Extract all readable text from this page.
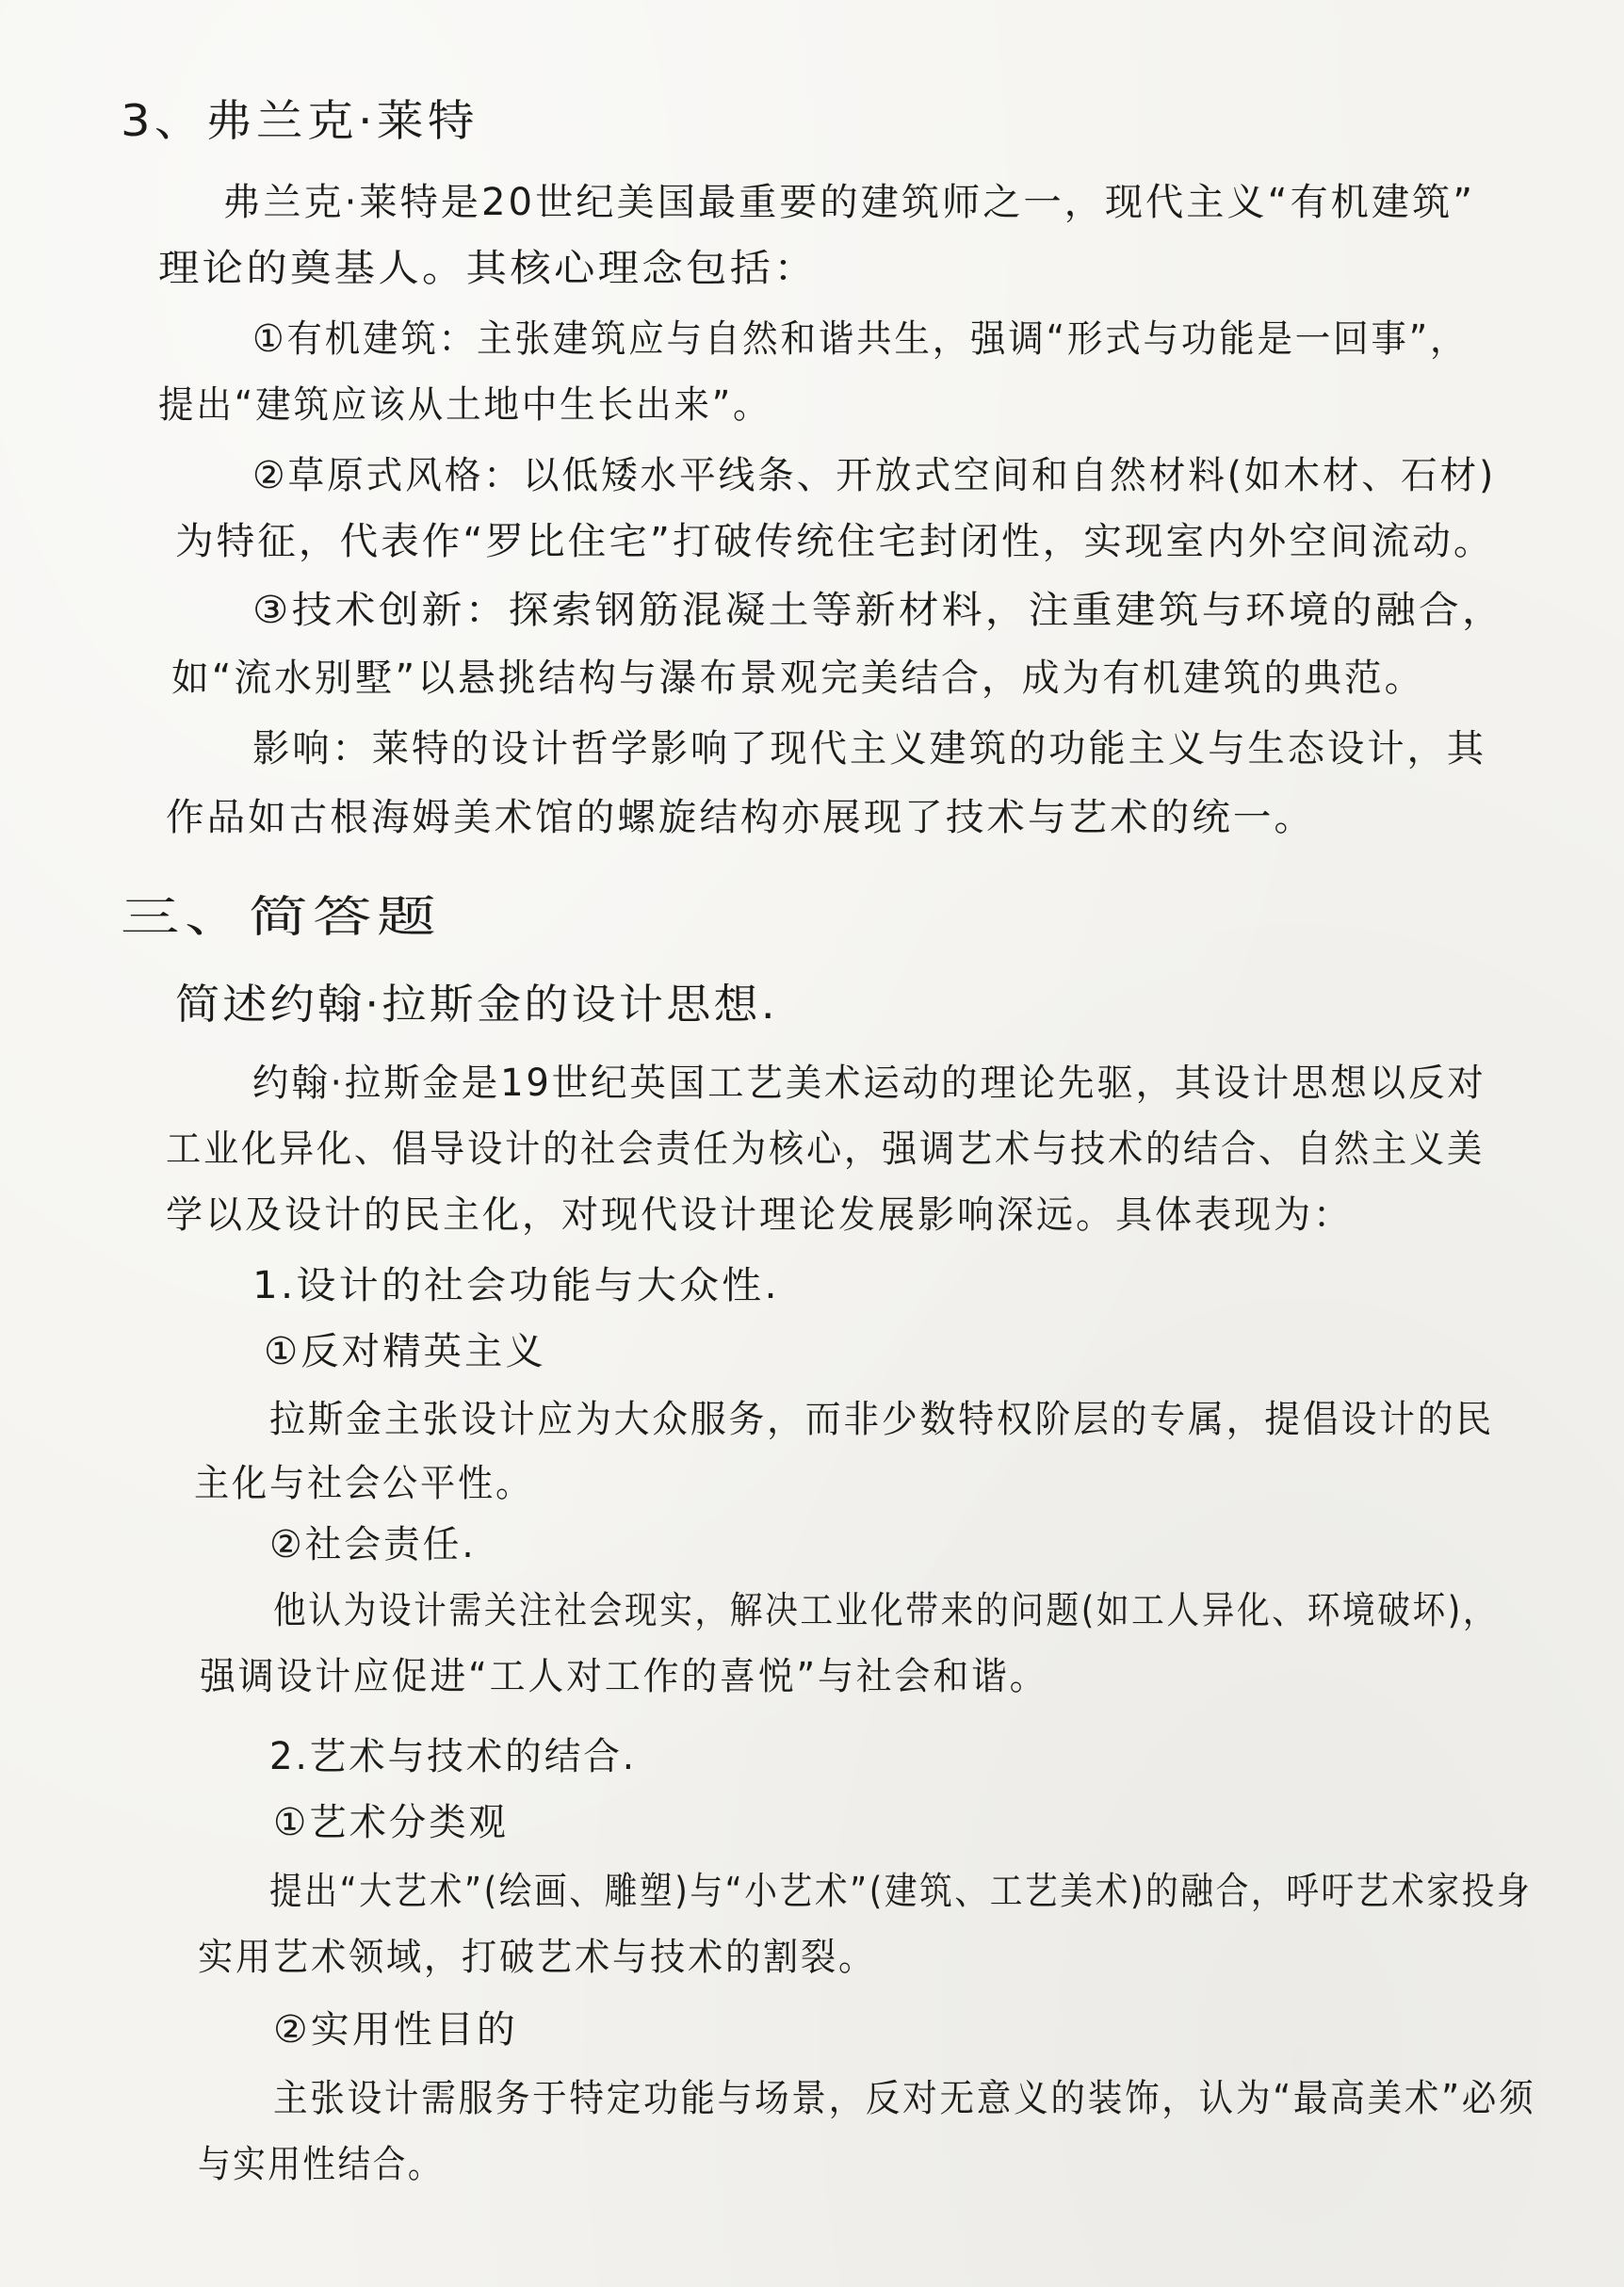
3、弗兰克·莱特
弗兰克·莱特是20世纪美国最重要的建筑师之一，现代主义“有机建筑”
理论的奠基人。其核心理念包括：
①有机建筑：主张建筑应与自然和谐共生，强调“形式与功能是一回事”，
提出“建筑应该从土地中生长出来”。
②草原式风格：以低矮水平线条、开放式空间和自然材料(如木材、石材)
为特征，代表作“罗比住宅”打破传统住宅封闭性，实现室内外空间流动。
③技术创新：探索钢筋混凝土等新材料，注重建筑与环境的融合，
如“流水别墅”以悬挑结构与瀑布景观完美结合，成为有机建筑的典范。
影响：莱特的设计哲学影响了现代主义建筑的功能主义与生态设计，其
作品如古根海姆美术馆的螺旋结构亦展现了技术与艺术的统一。
三、简答题
简述约翰·拉斯金的设计思想.
约翰·拉斯金是19世纪英国工艺美术运动的理论先驱，其设计思想以反对
工业化异化、倡导设计的社会责任为核心，强调艺术与技术的结合、自然主义美
学以及设计的民主化，对现代设计理论发展影响深远。具体表现为：
1.设计的社会功能与大众性.
①反对精英主义
拉斯金主张设计应为大众服务，而非少数特权阶层的专属，提倡设计的民
主化与社会公平性。
②社会责任.
他认为设计需关注社会现实，解决工业化带来的问题(如工人异化、环境破坏)，
强调设计应促进“工人对工作的喜悦”与社会和谐。
2.艺术与技术的结合.
①艺术分类观
提出“大艺术”(绘画、雕塑)与“小艺术”(建筑、工艺美术)的融合，呼吁艺术家投身
实用艺术领域，打破艺术与技术的割裂。
②实用性目的
主张设计需服务于特定功能与场景，反对无意义的装饰，认为“最高美术”必须
与实用性结合。
